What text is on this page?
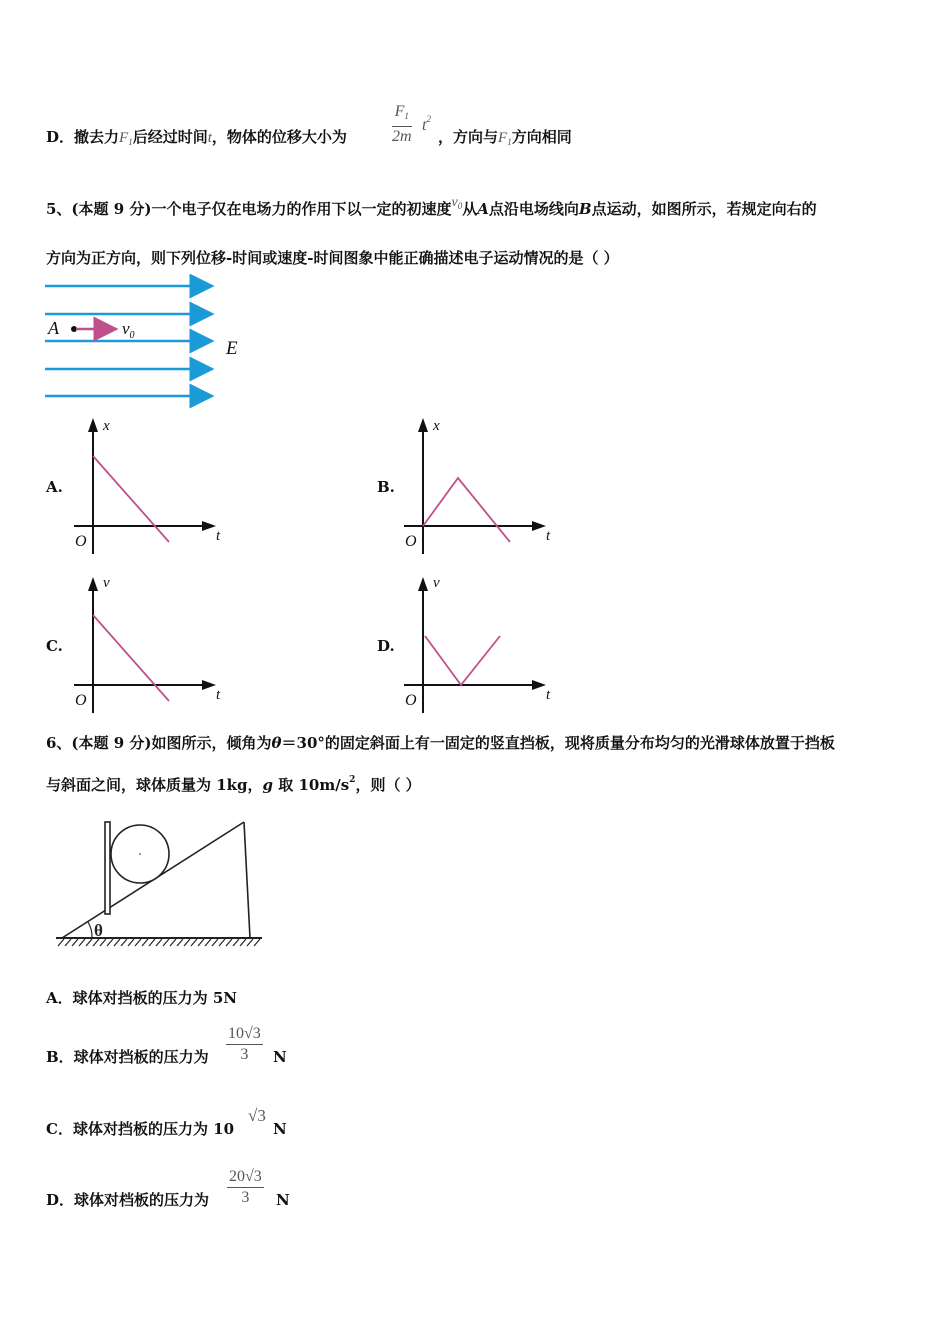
D．撤去力$F_1$后经过时间t，物体的位移大小为	$\frac{F_1}{2m} t^2$
，方向与$F_1$方向相同
5、(本题 9 分)一个电子仅在电场力的作用下以一定的初速度$v_0$从A点沿电场线向B点运动，如图所示，若规定向右的
方向为正方向，则下列位移-时间或速度-时间图象中能正确描述电子运动情况的是（ ）
A	$v_0$
E
A.
x
t
O
B.
x
t
O
C.
v
t
O
D.
v
t
O
6、(本题 9 分)如图所示，倾角为θ＝30°的固定斜面上有一固定的竖直挡板，现将质量分布均匀的光滑球体放置于挡板
与斜面之间，球体质量为 1kg，g 取 $10m/s^2$，则（ ）
θ
A．球体对挡板的压力为 5N
B．球体对挡板的压力为 $\frac{10√3}{3}$ N
C．球体对挡板的压力为 10
√3
N
D．球体对档板的压力为 $\frac{20√3}{3}$ N
